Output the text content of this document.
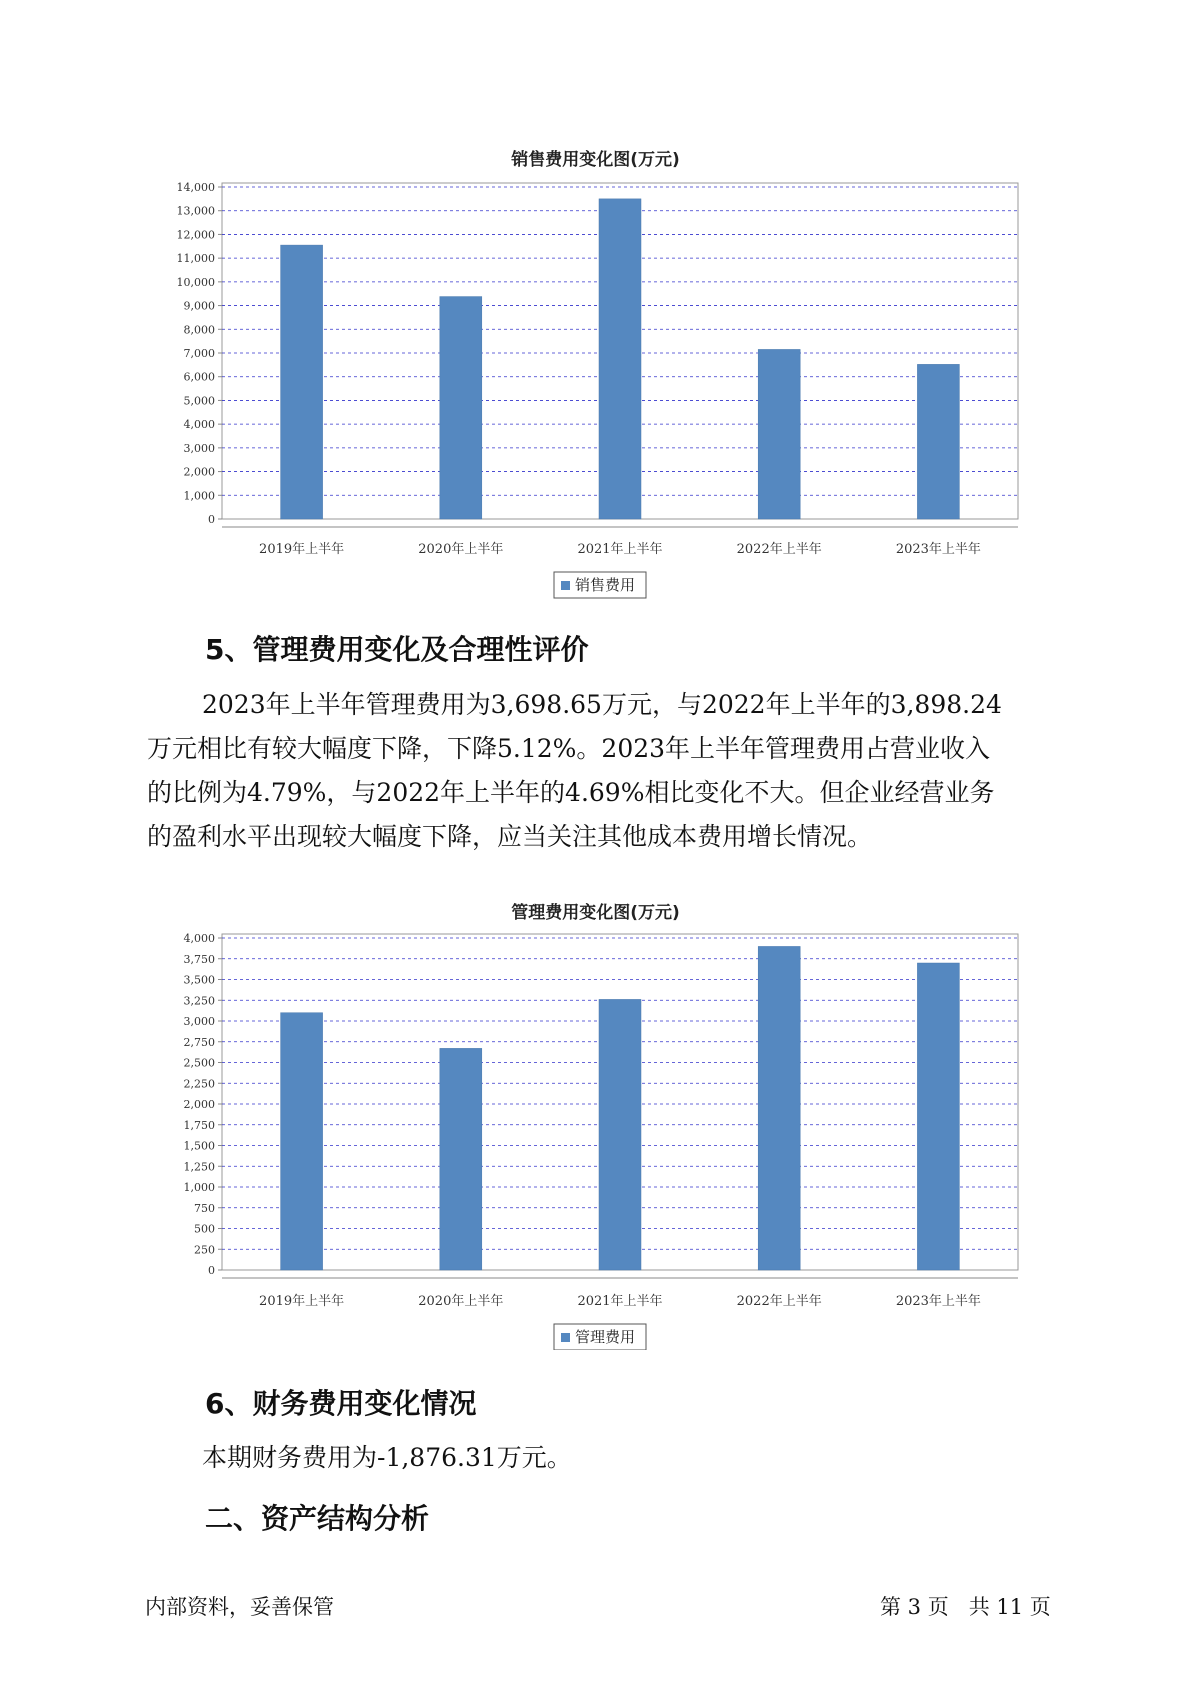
销售费用变化图(万元)
0
1,000
2,000
3,000
4,000
5,000
6,000
7,000
8,000
9,000
10,000
11,000
12,000
13,000
14,000
2019年上半年	2020年上半年	2021年上半年	2022年上半年	2023年上半年
销售费用
5、管理费用变化及合理性评价
2023年上半年管理费用为3,698.65万元，与2022年上半年的3,898.24
万元相比有较大幅度下降，下降5.12%。2023年上半年管理费用占营业收入
的比例为4.79%，与2022年上半年的4.69%相比变化不大。但企业经营业务
的盈利水平出现较大幅度下降，应当关注其他成本费用增长情况。
管理费用变化图(万元)
0
250
500
750
1,000
1,250
1,500
1,750
2,000
2,250
2,500
2,750
3,000
3,250
3,500
3,750
4,000
2019年上半年	2020年上半年	2021年上半年	2022年上半年	2023年上半年
管理费用
6、财务费用变化情况
本期财务费用为-1,876.31万元。
二、资产结构分析
内部资料，妥善保管	第 3 页   共 11 页
